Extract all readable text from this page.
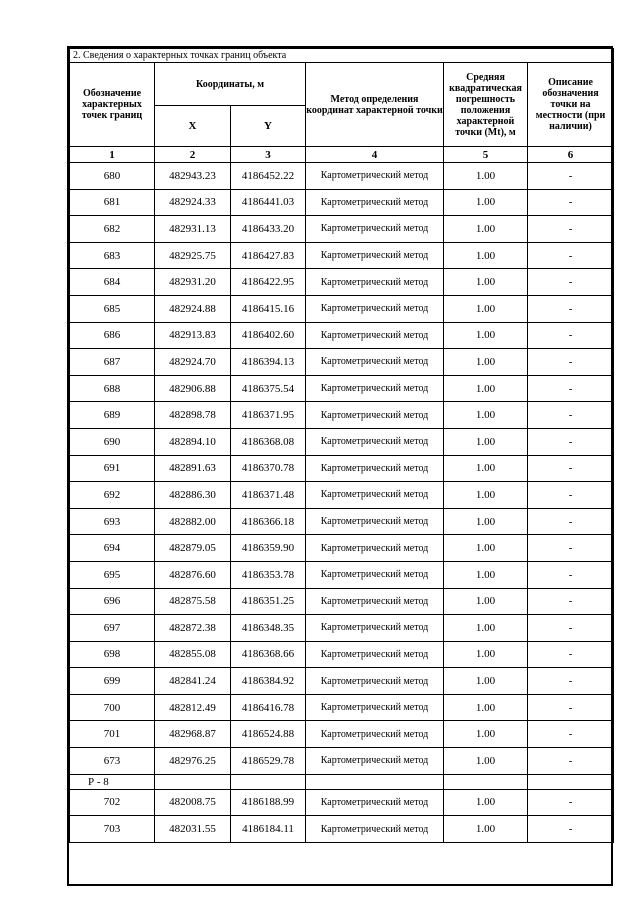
2. Сведения о характерных точках границ объекта					
Обозначение характерных точек границ	Координаты, м		Метод определения координат характерной точки	Средняя квадратическая погрешность положения характерной точки (Mt), м	Описание обозначения точки на местности (при наличии)
	X	Y			
1	2	3	4	5	6
680	482943.23	4186452.22	Картометрический метод	1.00	-
681	482924.33	4186441.03	Картометрический метод	1.00	-
682	482931.13	4186433.20	Картометрический метод	1.00	-
683	482925.75	4186427.83	Картометрический метод	1.00	-
684	482931.20	4186422.95	Картометрический метод	1.00	-
685	482924.88	4186415.16	Картометрический метод	1.00	-
686	482913.83	4186402.60	Картометрический метод	1.00	-
687	482924.70	4186394.13	Картометрический метод	1.00	-
688	482906.88	4186375.54	Картометрический метод	1.00	-
689	482898.78	4186371.95	Картометрический метод	1.00	-
690	482894.10	4186368.08	Картометрический метод	1.00	-
691	482891.63	4186370.78	Картометрический метод	1.00	-
692	482886.30	4186371.48	Картометрический метод	1.00	-
693	482882.00	4186366.18	Картометрический метод	1.00	-
694	482879.05	4186359.90	Картометрический метод	1.00	-
695	482876.60	4186353.78	Картометрический метод	1.00	-
696	482875.58	4186351.25	Картометрический метод	1.00	-
697	482872.38	4186348.35	Картометрический метод	1.00	-
698	482855.08	4186368.66	Картометрический метод	1.00	-
699	482841.24	4186384.92	Картометрический метод	1.00	-
700	482812.49	4186416.78	Картометрический метод	1.00	-
701	482968.87	4186524.88	Картометрический метод	1.00	-
673	482976.25	4186529.78	Картометрический метод	1.00	-
Р - 8					
702	482008.75	4186188.99	Картометрический метод	1.00	-
703	482031.55	4186184.11	Картометрический метод	1.00	-
